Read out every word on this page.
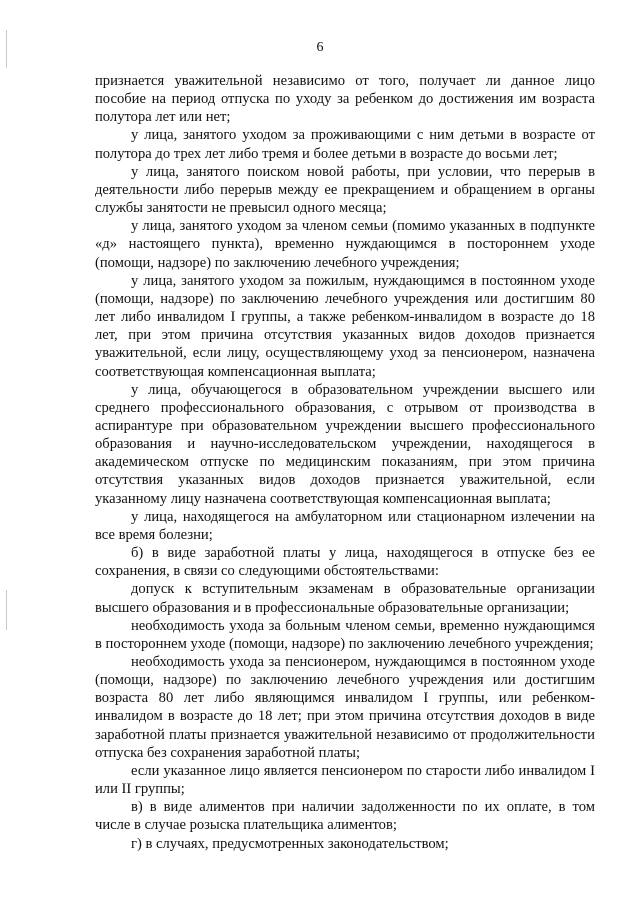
6

признается уважительной независимо от того, получает ли данное лицо пособие на период отпуска по уходу за ребенком до достижения им возраста полутора лет или нет;

у лица, занятого уходом за проживающими с ним детьми в возрасте от полутора до трех лет либо тремя и более детьми в возрасте до восьми лет;

у лица, занятого поиском новой работы, при условии, что перерыв в деятельности либо перерыв между ее прекращением и обращением в органы службы занятости не превысил одного месяца;

у лица, занятого уходом за членом семьи (помимо указанных в подпункте «д» настоящего пункта), временно нуждающимся в постороннем уходе (помощи, надзоре) по заключению лечебного учреждения;

у лица, занятого уходом за пожилым, нуждающимся в постоянном уходе (помощи, надзоре) по заключению лечебного учреждения или достигшим 80 лет либо инвалидом I группы, а также ребенком-инвалидом в возрасте до 18 лет, при этом причина отсутствия указанных видов доходов признается уважительной, если лицу, осуществляющему уход за пенсионером, назначена соответствующая компенсационная выплата;

у лица, обучающегося в образовательном учреждении высшего или среднего профессионального образования, с отрывом от производства в аспирантуре при образовательном учреждении высшего профессионального образования и научно-исследовательском учреждении, находящегося в академическом отпуске по медицинским показаниям, при этом причина отсутствия указанных видов доходов признается уважительной, если указанному лицу назначена соответствующая компенсационная выплата;

у лица, находящегося на амбулаторном или стационарном излечении на все время болезни;

б) в виде заработной платы у лица, находящегося в отпуске без ее сохранения, в связи со следующими обстоятельствами:

допуск к вступительным экзаменам в образовательные организации высшего образования и в профессиональные образовательные организации;

необходимость ухода за больным членом семьи, временно нуждающимся в постороннем уходе (помощи, надзоре) по заключению лечебного учреждения;

необходимость ухода за пенсионером, нуждающимся в постоянном уходе (помощи, надзоре) по заключению лечебного учреждения или достигшим возраста 80 лет либо являющимся инвалидом I группы, или ребенком-инвалидом в возрасте до 18 лет; при этом причина отсутствия доходов в виде заработной платы признается уважительной независимо от продолжительности отпуска без сохранения заработной платы;

если указанное лицо является пенсионером по старости либо инвалидом I или II группы;

в) в виде алиментов при наличии задолженности по их оплате, в том числе в случае розыска плательщика алиментов;

г) в случаях, предусмотренных законодательством;
